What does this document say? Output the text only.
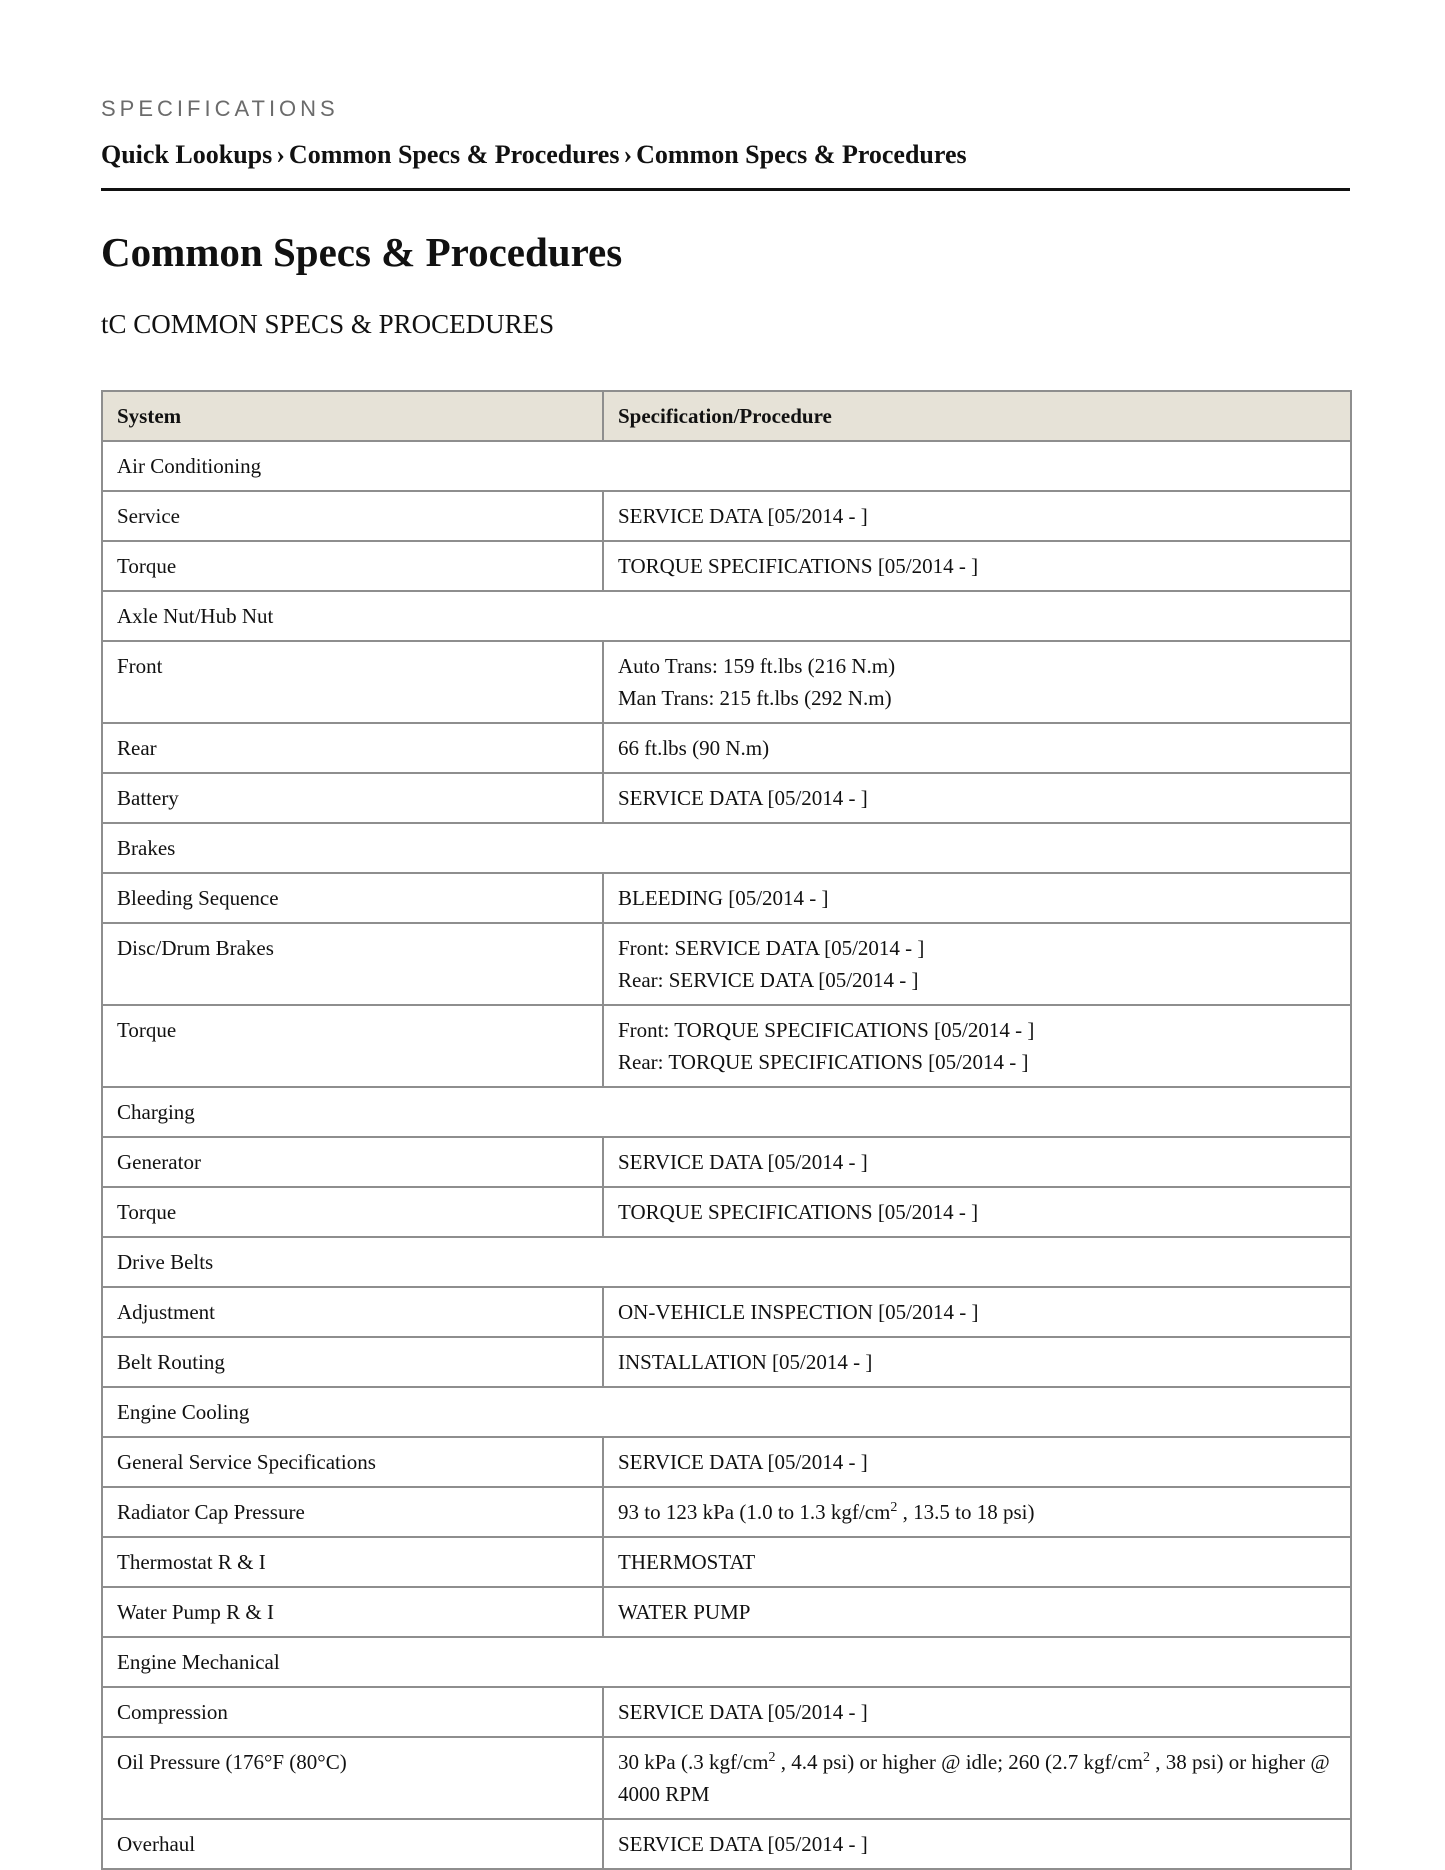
SPECIFICATIONS
Quick Lookups › Common Specs & Procedures › Common Specs & Procedures
Common Specs & Procedures
tC COMMON SPECS & PROCEDURES
System	Specification/Procedure
Air Conditioning	
Service	SERVICE DATA [05/2014 - ]

Torque	TORQUE SPECIFICATIONS [05/2014 - ]

Axle Nut/Hub Nut	
Front	Auto Trans: 159 ft.lbs (216 N.m)
Man Trans: 215 ft.lbs (292 N.m)

Rear	66 ft.lbs (90 N.m)

Battery	SERVICE DATA [05/2014 - ]

Brakes	
Bleeding Sequence	BLEEDING [05/2014 - ]

Disc/Drum Brakes	Front: SERVICE DATA [05/2014 - ]
Rear: SERVICE DATA [05/2014 - ]

Torque	Front: TORQUE SPECIFICATIONS [05/2014 - ]
Rear: TORQUE SPECIFICATIONS [05/2014 - ]

Charging	
Generator	SERVICE DATA [05/2014 - ]

Torque	TORQUE SPECIFICATIONS [05/2014 - ]

Drive Belts	
Adjustment	ON-VEHICLE INSPECTION [05/2014 - ]

Belt Routing	INSTALLATION [05/2014 - ]

Engine Cooling	
General Service Specifications	SERVICE DATA [05/2014 - ]

Radiator Cap Pressure	93 to 123 kPa (1.0 to 1.3 kgf/$cm^2$ , 13.5 to 18 psi)
Thermostat R & I	THERMOSTAT

Water Pump R & I	WATER PUMP

Engine Mechanical	
Compression	SERVICE DATA [05/2014 - ]

Oil Pressure (176°F (80°C)	30 kPa (.3 kgf/$cm^2$ , 4.4 psi) or higher @ idle; 260 (2.7 kgf/$cm^2$ , 38 psi) or higher @ 4000 RPM
Overhaul	SERVICE DATA [05/2014 - ]
